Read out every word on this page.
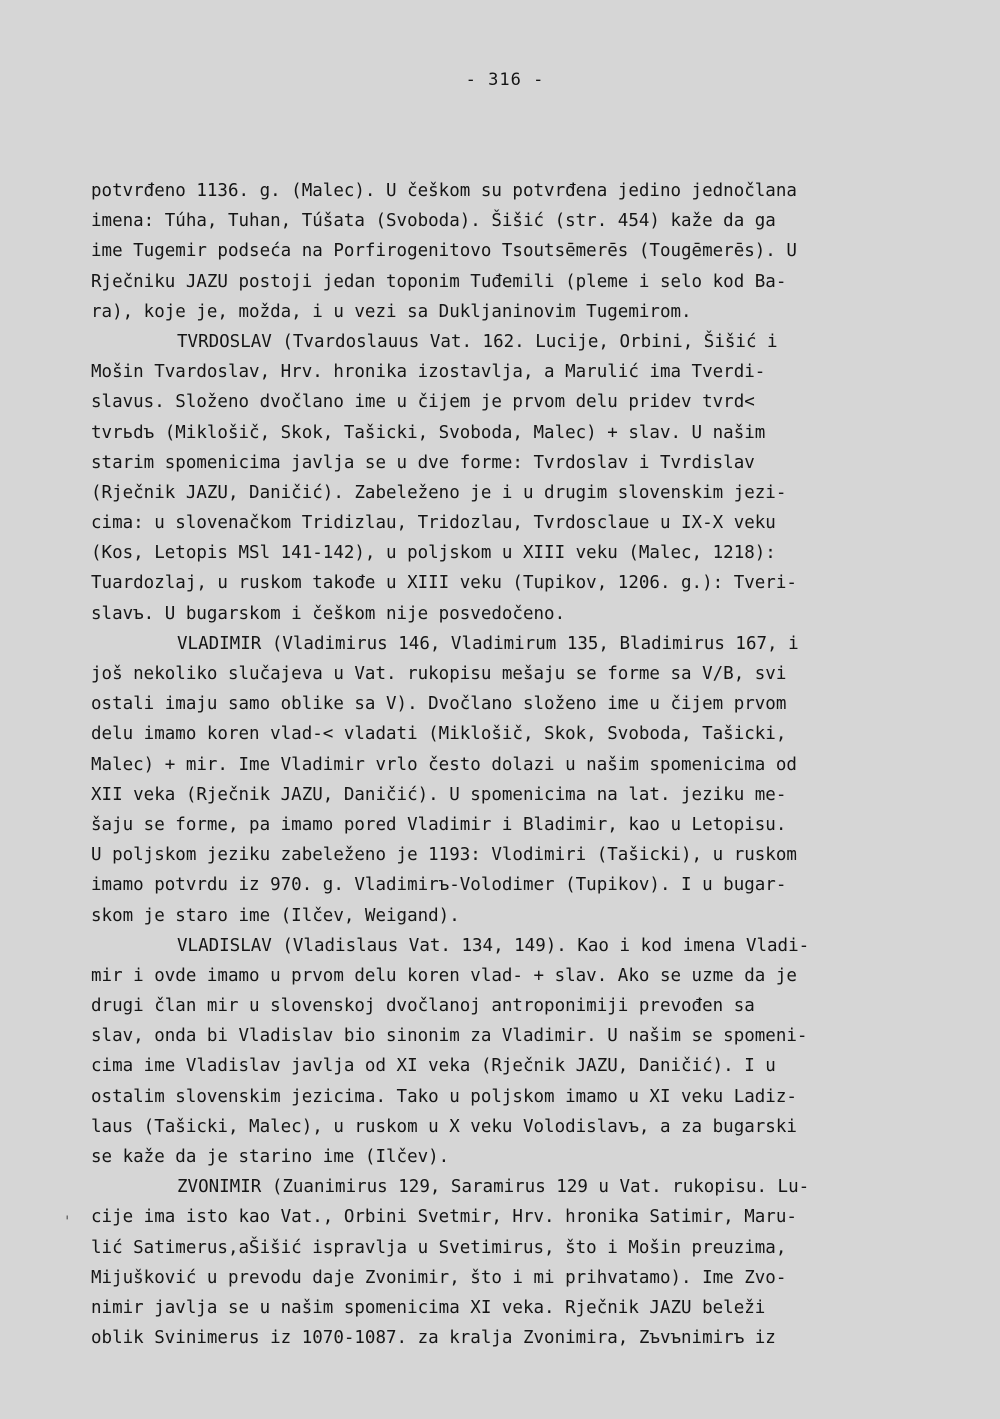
- 316 -
potvrđeno 1136. g. (Malec). U češkom su potvrđena jedino jednočlana
imena: Túha, Tuhan, Túšata (Svoboda). Šišić (str. 454) kaže da ga
ime Tugemir podseća na Porfirogenitovo Tsoutsēmerēs (Tougēmerēs). U
Rječniku JAZU postoji jedan toponim Tuđemili (pleme i selo kod Ba-
ra), koje je, možda, i u vezi sa Dukljaninovim Tugemirom.
TVRDOSLAV (Tvardoslauus Vat. 162. Lucije, Orbini, Šišić i
Mošin Tvardoslav, Hrv. hronika izostavlja, a Marulić ima Tverdi-
slavus. Složeno dvočlano ime u čijem je prvom delu pridev tvrd<
tvrьdъ (Miklošič, Skok, Tašicki, Svoboda, Malec) + slav. U našim
starim spomenicima javlja se u dve forme: Tvrdoslav i Tvrdislav
(Rječnik JAZU, Daničić). Zabeleženo je i u drugim slovenskim jezi-
cima: u slovenačkom Tridizlau, Tridozlau, Tvrdosclaue u IX-X veku
(Kos, Letopis MSl 141-142), u poljskom u XIII veku (Malec, 1218):
Tuardozlaj, u ruskom takođe u XIII veku (Tupikov, 1206. g.): Tveri-
slavъ. U bugarskom i češkom nije posvedočeno.
VLADIMIR (Vladimirus 146, Vladimirum 135, Bladimirus 167, i
još nekoliko slučajeva u Vat. rukopisu mešaju se forme sa V/B, svi
ostali imaju samo oblike sa V). Dvočlano složeno ime u čijem prvom
delu imamo koren vlad-< vladati (Miklošič, Skok, Svoboda, Tašicki,
Malec) + mir. Ime Vladimir vrlo često dolazi u našim spomenicima od
XII veka (Rječnik JAZU, Daničić). U spomenicima na lat. jeziku me-
šaju se forme, pa imamo pored Vladimir i Bladimir, kao u Letopisu.
U poljskom jeziku zabeleženo je 1193: Vlodimiri (Tašicki), u ruskom
imamo potvrdu iz 970. g. Vladimirъ-Volodimer (Tupikov). I u bugar-
skom je staro ime (Ilčev, Weigand).
VLADISLAV (Vladislaus Vat. 134, 149). Kao i kod imena Vladi-
mir i ovde imamo u prvom delu koren vlad- + slav. Ako se uzme da je
drugi član mir u slovenskoj dvočlanoj antroponimiji prevođen sa
slav, onda bi Vladislav bio sinonim za Vladimir. U našim se spomeni-
cima ime Vladislav javlja od XI veka (Rječnik JAZU, Daničić). I u
ostalim slovenskim jezicima. Tako u poljskom imamo u XI veku Ladiz-
laus (Tašicki, Malec), u ruskom u X veku Volodislavъ, a za bugarski
se kaže da je starino ime (Ilčev).
ZVONIMIR (Zuanimirus 129, Saramirus 129 u Vat. rukopisu. Lu-
cije ima isto kao Vat., Orbini Svetmir, Hrv. hronika Satimir, Maru-
lić Satimerus,aŠišić ispravlja u Svetimirus, što i Mošin preuzima,
Mijušković u prevodu daje Zvonimir, što i mi prihvatamo). Ime Zvo-
nimir javlja se u našim spomenicima XI veka. Rječnik JAZU beleži
oblik Svinimerus iz 1070-1087. za kralja Zvonimira, Zъvъnimirъ iz
'
